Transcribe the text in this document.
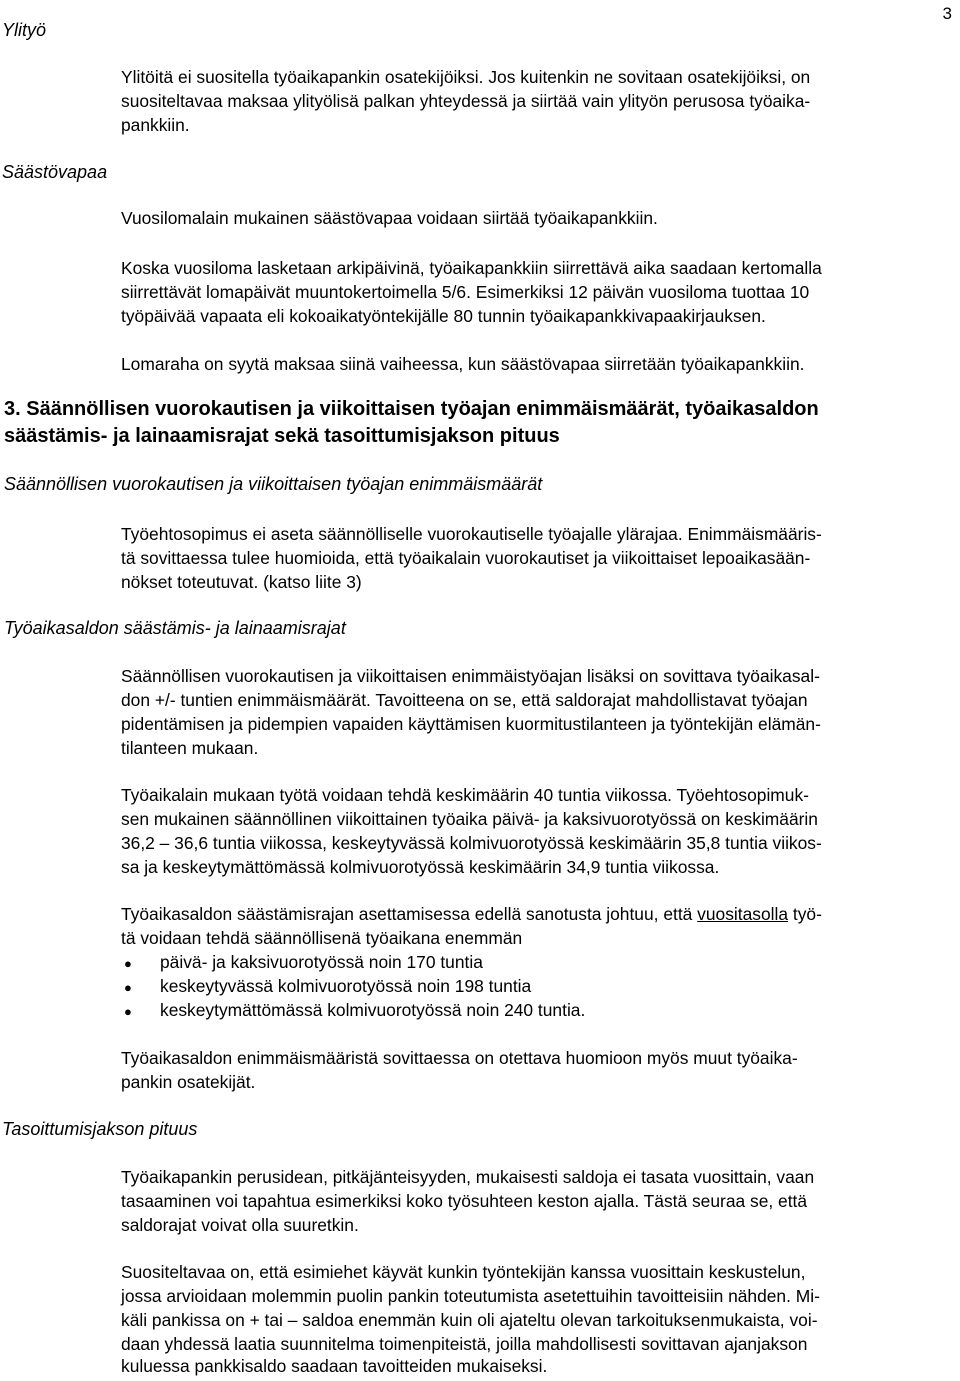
3
Ylityö
Säästövapaa
Tasoittumisjakson pituus
Ylitöitä ei suositella työaikapankin osatekijöiksi. Jos kuitenkin ne sovitaan osatekijöiksi, on
suositeltavaa maksaa ylityölisä palkan yhteydessä ja siirtää vain ylityön perusosa työaika-
pankkiin.
Vuosilomalain mukainen säästövapaa voidaan siirtää työaikapankkiin.
Koska vuosiloma lasketaan arkipäivinä, työaikapankkiin siirrettävä aika saadaan kertomalla
siirrettävät lomapäivät muuntokertoimella 5/6. Esimerkiksi 12 päivän vuosiloma tuottaa 10
työpäivää vapaata eli kokoaikatyöntekijälle 80 tunnin työaikapankkivapaakirjauksen.
Lomaraha on syytä maksaa siinä vaiheessa, kun säästövapaa siirretään työaikapankkiin.
3. Säännöllisen vuorokautisen ja viikoittaisen työajan enimmäismäärät, työaikasaldon
säästämis- ja lainaamisrajat sekä tasoittumisjakson pituus
Säännöllisen vuorokautisen ja viikoittaisen työajan enimmäismäärät
Työehtosopimus ei aseta säännölliselle vuorokautiselle työajalle ylärajaa. Enimmäismääris-
tä sovittaessa tulee huomioida, että työaikalain vuorokautiset ja viikoittaiset lepoaikasään-
nökset toteutuvat. (katso liite 3)
Työaikasaldon säästämis- ja lainaamisrajat
Säännöllisen vuorokautisen ja viikoittaisen enimmäistyöajan lisäksi on sovittava työaikasal-
don +/- tuntien enimmäismäärät. Tavoitteena on se, että saldorajat mahdollistavat työajan
pidentämisen ja pidempien vapaiden käyttämisen kuormitustilanteen ja työntekijän elämän-
tilanteen mukaan.
Työaikalain mukaan työtä voidaan tehdä keskimäärin 40 tuntia viikossa. Työehtosopimuk-
sen mukainen säännöllinen viikoittainen työaika päivä- ja kaksivuorotyössä on keskimäärin
36,2 – 36,6 tuntia viikossa, keskeytyvässä kolmivuorotyössä keskimäärin 35,8 tuntia viikos-
sa ja keskeytymättömässä kolmivuorotyössä keskimäärin 34,9 tuntia viikossa.
Työaikasaldon säästämisrajan asettamisessa edellä sanotusta johtuu, että vuositasolla työ-
tä voidaan tehdä säännöllisenä työaikana enemmän
● päivä- ja kaksivuorotyössä noin 170 tuntia
● keskeytyvässä kolmivuorotyössä noin 198 tuntia
● keskeytymättömässä kolmivuorotyössä noin 240 tuntia.
Työaikasaldon enimmäismääristä sovittaessa on otettava huomioon myös muut työaika-
pankin osatekijät.
Työaikapankin perusidean, pitkäjänteisyyden, mukaisesti saldoja ei tasata vuosittain, vaan
tasaaminen voi tapahtua esimerkiksi koko työsuhteen keston ajalla. Tästä seuraa se, että
saldorajat voivat olla suuretkin.
Suositeltavaa on, että esimiehet käyvät kunkin työntekijän kanssa vuosittain keskustelun,
jossa arvioidaan molemmin puolin pankin toteutumista asetettuihin tavoitteisiin nähden. Mi-
käli pankissa on + tai – saldoa enemmän kuin oli ajateltu olevan tarkoituksenmukaista, voi-
daan yhdessä laatia suunnitelma toimenpiteistä, joilla mahdollisesti sovittavan ajanjakson
kuluessa pankkisaldo saadaan tavoitteiden mukaiseksi.
